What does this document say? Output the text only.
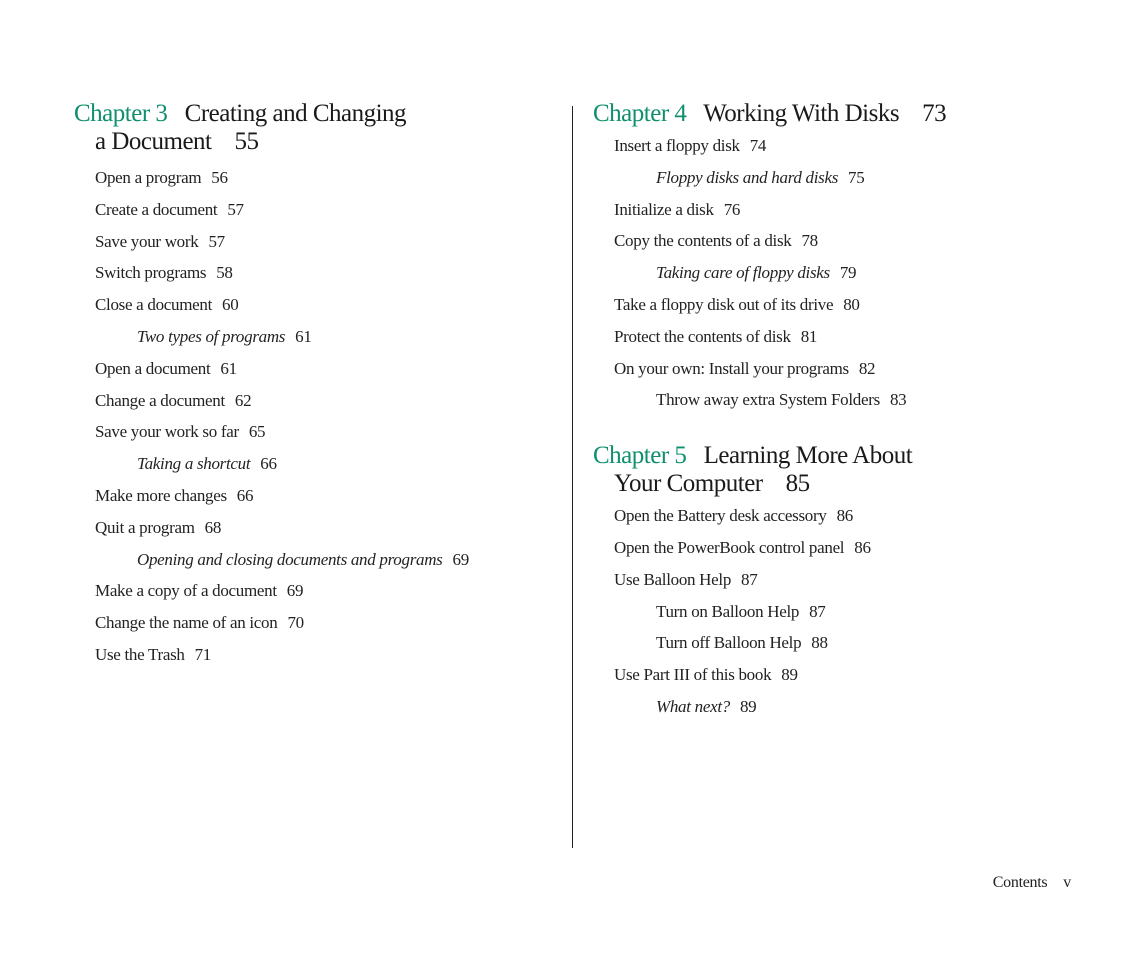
Chapter 3 Creating and Changing
a Document 55
Open a program 56
Create a document 57
Save your work 57
Switch programs 58
Close a document 60
Two types of programs 61
Open a document 61
Change a document 62
Save your work so far 65
Taking a shortcut 66
Make more changes 66
Quit a program 68
Opening and closing documents and programs 69
Make a copy of a document 69
Change the name of an icon 70
Use the Trash 71
Chapter 4 Working With Disks 73
Insert a floppy disk 74
Floppy disks and hard disks 75
Initialize a disk 76
Copy the contents of a disk 78
Taking care of floppy disks 79
Take a floppy disk out of its drive 80
Protect the contents of disk 81
On your own: Install your programs 82
Throw away extra System Folders 83
Chapter 5 Learning More About
Your Computer 85
Open the Battery desk accessory 86
Open the PowerBook control panel 86
Use Balloon Help 87
Turn on Balloon Help 87
Turn off Balloon Help 88
Use Part III of this book 89
What next? 89
Contents v
